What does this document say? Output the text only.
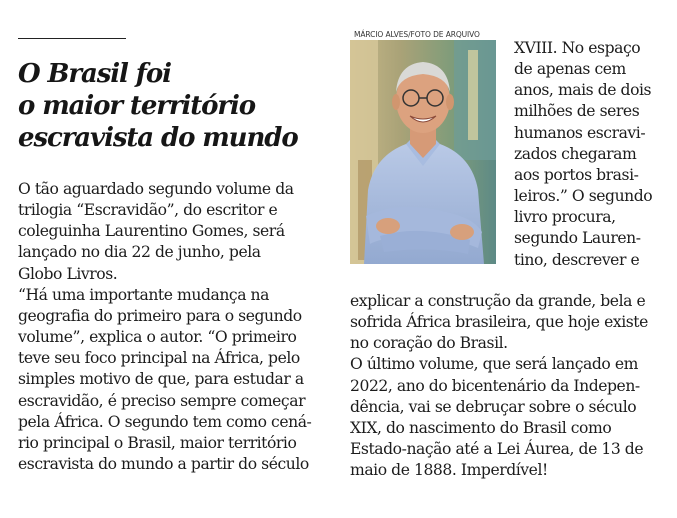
O Brasil foi
o maior território
escravista do mundo
MÁRCIO ALVES/FOTO DE ARQUIVO
O tão aguardado segundo volume da
trilogia “Escravidão”, do escritor e
coleguinha Laurentino Gomes, será
lançado no dia 22 de junho, pela
Globo Livros.
“Há uma importante mudança na
geografia do primeiro para o segundo
volume”, explica o autor. “O primeiro
teve seu foco principal na África, pelo
simples motivo de que, para estudar a
escravidão, é preciso sempre começar
pela África. O segundo tem como cená-
rio principal o Brasil, maior território
escravista do mundo a partir do século
XVIII. No espaço
de apenas cem
anos, mais de dois
milhões de seres
humanos escravi-
zados chegaram
aos portos brasi-
leiros.” O segundo
livro procura,
segundo Lauren-
tino, descrever e
explicar a construção da grande, bela e
sofrida África brasileira, que hoje existe
no coração do Brasil.
O último volume, que será lançado em
2022, ano do bicentenário da Indepen-
dência, vai se debruçar sobre o século
XIX, do nascimento do Brasil como
Estado-nação até a Lei Áurea, de 13 de
maio de 1888. Imperdível!
